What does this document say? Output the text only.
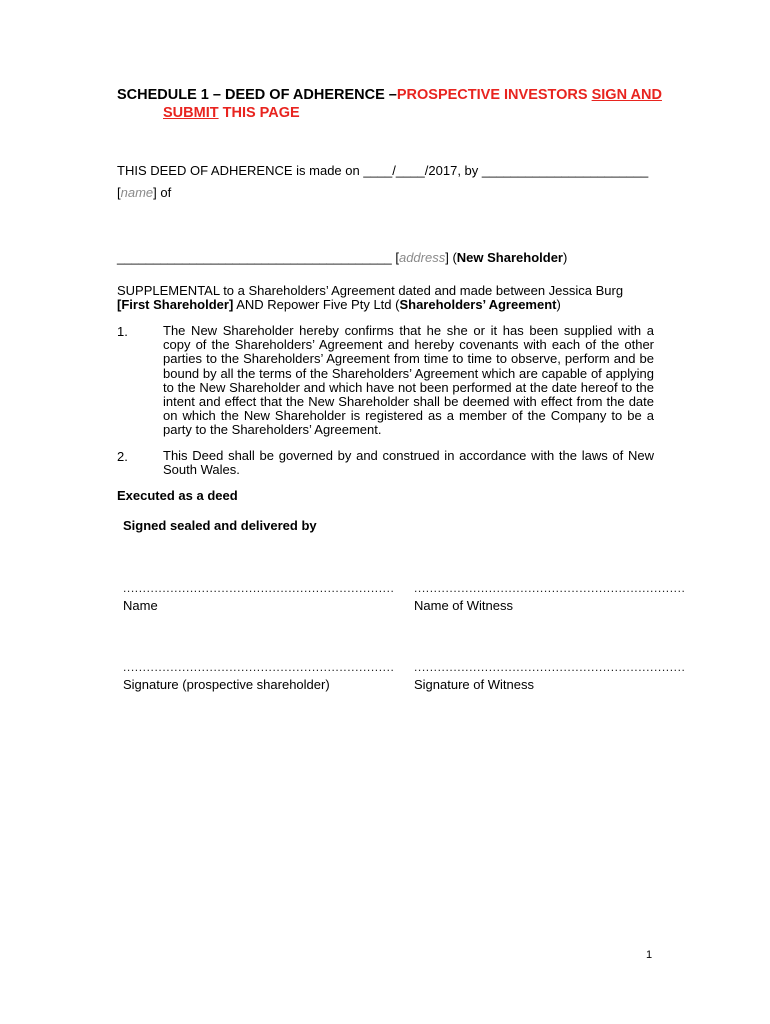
SCHEDULE 1 – DEED OF ADHERENCE –PROSPECTIVE INVESTORS SIGN AND
SUBMIT THIS PAGE
THIS DEED OF ADHERENCE is made on ____/____/2017, by _______________________
[name] of
______________________________________ [address] (New Shareholder)
SUPPLEMENTAL to a Shareholders’ Agreement dated and made between Jessica Burg [First Shareholder] AND Repower Five Pty Ltd (Shareholders’ Agreement)
1.	The New Shareholder hereby confirms that he she or it has been supplied with a copy of the Shareholders’ Agreement and hereby covenants with each of the other parties to the Shareholders’ Agreement from time to time to observe, perform and be bound by all the terms of the Shareholders’ Agreement which are capable of applying to the New Shareholder and which have not been performed at the date hereof to the intent and effect that the New Shareholder shall be deemed with effect from the date on which the New Shareholder is registered as a member of the Company to be a party to the Shareholders’ Agreement.
2.	This Deed shall be governed by and construed in accordance with the laws of New South Wales.
Executed as a deed
Signed sealed and delivered by
..................................................................... .....................................................................
Name	Name of Witness
..................................................................... .....................................................................
Signature (prospective shareholder)	Signature of Witness
1
